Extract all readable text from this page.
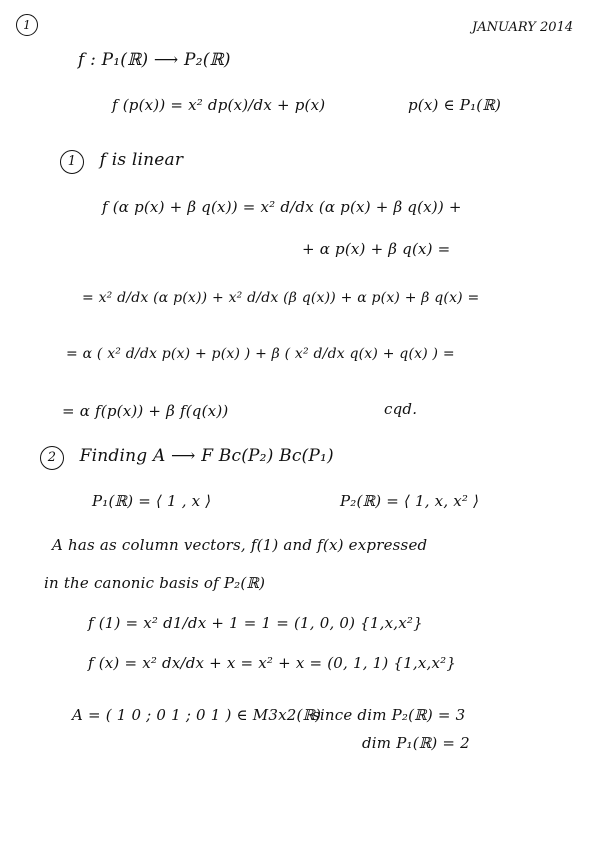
1	JANUARY 2014
f : P₁(ℝ) ⟶ P₂(ℝ)
f (p(x)) = x² dp(x)/dx + p(x)	p(x) ∈ P₁(ℝ)
1 f is linear
f (α p(x) + β q(x)) = x² d/dx (α p(x) + β q(x)) +
+ α p(x) + β q(x) =
= x² d/dx (α p(x)) + x² d/dx (β q(x)) + α p(x) + β q(x) =
= α ( x² d/dx p(x) + p(x) ) + β ( x² d/dx q(x) + q(x) ) =
= α f(p(x)) + β f(q(x))	cqd.
2 Finding A ⟶ F Bc(P₂) Bc(P₁)
P₁(ℝ) = ⟨ 1 , x ⟩	P₂(ℝ) = ⟨ 1, x, x² ⟩
A has as column vectors, f(1) and f(x) expressed
in the canonic basis of P₂(ℝ)
f (1) = x² d1/dx + 1 = 1 = (1, 0, 0) {1,x,x²}
f (x) = x² dx/dx + x = x² + x = (0, 1, 1) {1,x,x²}
A = ( 1 0 ; 0 1 ; 0 1 ) ∈ M3x2(ℝ)
since dim P₂(ℝ) = 3
dim P₁(ℝ) = 2
